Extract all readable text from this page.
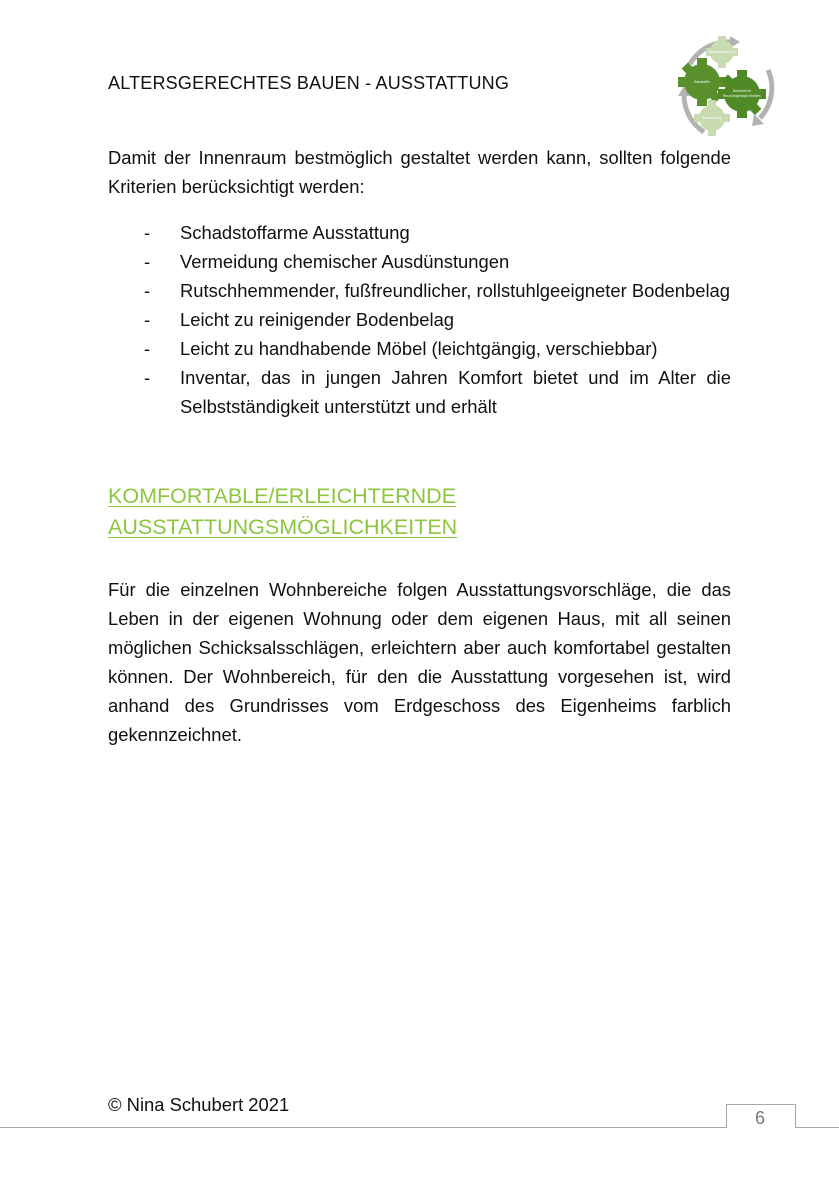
ALTERSGERECHTES BAUEN - AUSSTATTUNG
Wärmedämmung
Baustoffe
Bautechnik
Recyclingmöglichkeiten
Ausstattung

Damit der Innenraum bestmöglich gestaltet werden kann, sollten folgende Kriterien berücksichtigt werden:

- Schadstoffarme Ausstattung
- Vermeidung chemischer Ausdünstungen
- Rutschhemmender, fußfreundlicher, rollstuhlgeeigneter Bodenbelag
- Leicht zu reinigender Bodenbelag
- Leicht zu handhabende Möbel (leichtgängig, verschiebbar)
- Inventar, das in jungen Jahren Komfort bietet und im Alter die Selbstständigkeit unterstützt und erhält
KOMFORTABLE/ERLEICHTERNDE
AUSSTATTUNGSMÖGLICHKEITEN

Für die einzelnen Wohnbereiche folgen Ausstattungsvorschläge, die das Leben in der eigenen Wohnung oder dem eigenen Haus, mit all seinen möglichen Schicksalsschlägen, erleichtern aber auch komfortabel gestalten können. Der Wohnbereich, für den die Ausstattung vorgesehen ist, wird anhand des Grundrisses vom Erdgeschoss des Eigenheims farblich gekennzeichnet.

© Nina Schubert 2021
6
